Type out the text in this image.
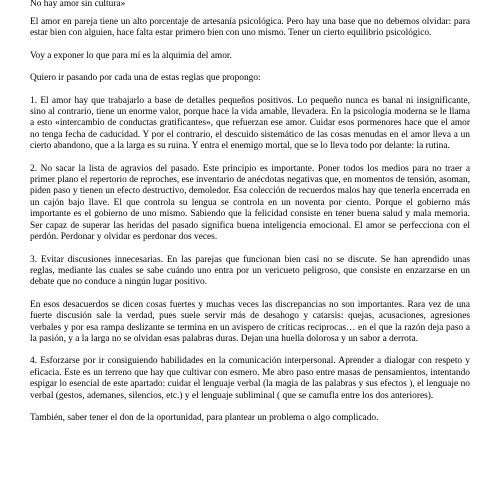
No hay amor sin cultura»

El amor en pareja tiene un alto porcentaje de artesanía psicológica. Pero hay una base que no debemos olvidar: para estar bien con alguien, hace falta estar primero bien con uno mismo. Tener un cierto equilibrio psicológico.

Voy a exponer lo que para mí es la alquimia del amor.

Quiero ir pasando por cada una de estas reglas que propongo:

1. El amor hay que trabajarlo a base de detalles pequeños positivos. Lo pequeño nunca es banal ni insignificante, sino al contrario, tiene un enorme valor, porque hace la vida amable, llevadera. En la psicología moderna se le llama a esto «intercambio de conductas gratificantes», que refuerzan ese amor. Cuidar esos pormenores hace que el amor no tenga fecha de caducidad. Y por el contrario, el descuido sistemático de las cosas menudas en el amor lleva a un cierto abandono, que a la larga es su ruina. Y entra el enemigo mortal, que se lo lleva todo por delante: la rutina.

2. No sacar la lista de agravios del pasado. Este principio es importante. Poner todos los medios para no traer a primer plano el repertorio de reproches, ese inventario de anécdotas negativas que, en momentos de tensión, asoman, piden paso y tienen un efecto destructivo, demoledor. Esa colección de recuerdos malos hay que tenerla encerrada en un cajón bajo llave. El que controla su lengua se controla en un noventa por ciento. Porque el gobierno más importante es el gobierno de uno mismo. Sabiendo que la felicidad consiste en tener buena salud y mala memoria. Ser capaz de superar las heridas del pasado significa buena inteligencia emocional. El amor se perfecciona con el perdón. Perdonar y olvidar es perdonar dos veces.

3. Evitar discusiones innecesarias. En las parejas que funcionan bien casi no se discute. Se han aprendido unas reglas, mediante las cuales se sabe cuándo uno entra por un vericueto peligroso, que consiste en enzarzarse en un debate que no conduce a ningún lugar positivo.

En esos desacuerdos se dicen cosas fuertes y muchas veces las discrepancias no son importantes. Rara vez de una fuerte discusión sale la verdad, pues suele servir más de desahogo y catarsis: quejas, acusaciones, agresiones verbales y por esa rampa deslizante se termina en un avispero de críticas recíprocas… en el que la razón deja paso a la pasión, y a la larga no se olvidan esas palabras duras. Dejan una huella dolorosa y un sabor a derrota.

4. Esforzarse por ir consiguiendo habilidades en la comunicación interpersonal. Aprender a dialogar con respeto y eficacia. Este es un terreno que hay que cultivar con esmero. Me abro paso entre masas de pensamientos, intentando espigar lo esencial de este apartado: cuidar el lenguaje verbal (la magia de las palabras y sus efectos ), el lenguaje no verbal (gestos, ademanes, silencios, etc.) y el lenguaje subliminal ( que se camufla entre los dos anteriores).

También, saber tener el don de la oportunidad, para plantear un problema o algo complicado.
